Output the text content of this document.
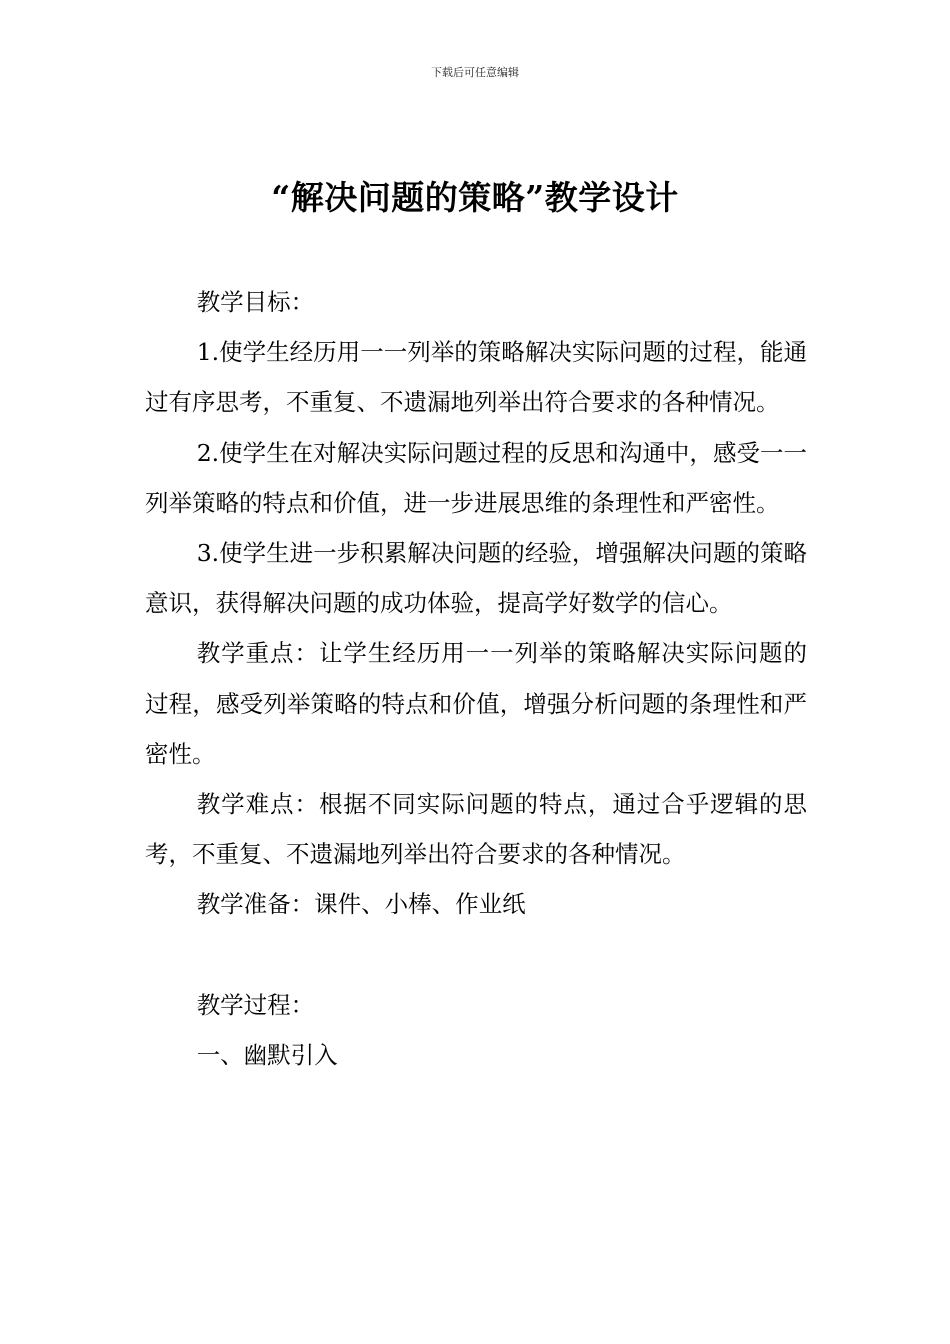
下载后可任意编辑
“解决问题的策略”教学设计

教学目标：

1.使学生经历用一一列举的策略解决实际问题的过程，能通过有序思考，不重复、不遗漏地列举出符合要求的各种情况。

2.使学生在对解决实际问题过程的反思和沟通中，感受一一列举策略的特点和价值，进一步进展思维的条理性和严密性。

3.使学生进一步积累解决问题的经验，增强解决问题的策略意识，获得解决问题的成功体验，提高学好数学的信心。

教学重点：让学生经历用一一列举的策略解决实际问题的过程，感受列举策略的特点和价值，增强分析问题的条理性和严密性。

教学难点：根据不同实际问题的特点，通过合乎逻辑的思考，不重复、不遗漏地列举出符合要求的各种情况。

教学准备：课件、小棒、作业纸

教学过程：

一、幽默引入
